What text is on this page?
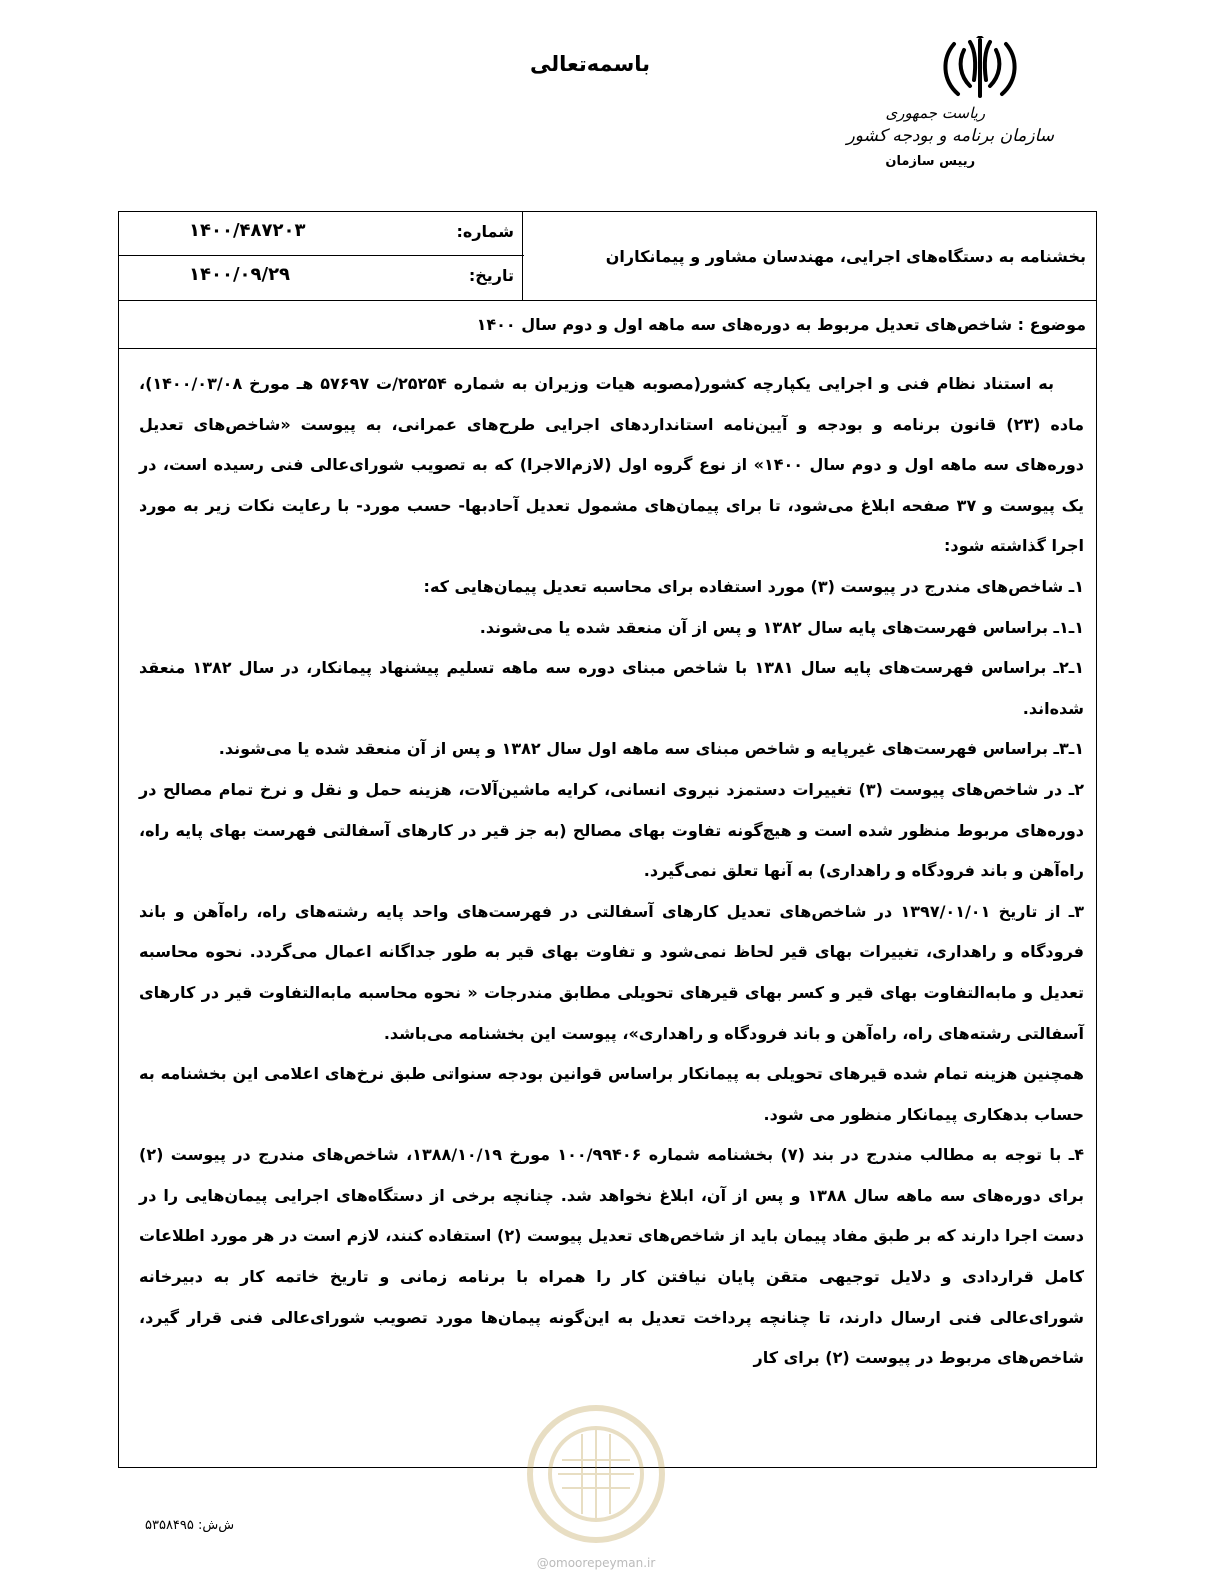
باسمه‌تعالی
ریاست جمهوری
سازمان برنامه و بودجه کشور
رییس سازمان
بخشنامه به دستگاه‌های اجرایی، مهندسان مشاور و پیمانکاران
شماره:
۱۴۰۰/۴۸۷۲۰۳
تاریخ:
۱۴۰۰/۰۹/۲۹
موضوع : شاخص‌های تعدیل مربوط به دوره‌های سه ماهه اول و دوم سال ۱۴۰۰

به استناد نظام فنی و اجرایی یکپارچه کشور(مصوبه هیات وزیران به شماره ۲۵۲۵۴/ت ۵۷۶۹۷ هـ مورخ ۱۴۰۰/۰۳/۰۸)، ماده (۲۳) قانون برنامه و بودجه و آیین‌نامه استانداردهای اجرایی طرح‌های عمرانی، به پیوست «شاخص‌های تعدیل دوره‌های سه ماهه اول و دوم سال ۱۴۰۰» از نوع گروه اول (لازم‌الاجرا) که به تصویب شورای‌عالی فنی رسیده است، در یک پیوست و ۳۷ صفحه ابلاغ می‌شود، تا برای پیمان‌های مشمول تعدیل آحادبها- حسب مورد- با رعایت نکات زیر به مورد اجرا گذاشته شود:

۱ـ شاخص‌های مندرج در پیوست (۳) مورد استفاده برای محاسبه تعدیل پیمان‌هایی که:

۱ـ۱ـ براساس فهرست‌های پایه سال ۱۳۸۲ و پس از آن منعقد شده یا می‌شوند.

۱ـ۲ـ براساس فهرست‌های پایه سال ۱۳۸۱ با شاخص مبنای دوره سه ماهه تسلیم پیشنهاد پیمانکار، در سال ۱۳۸۲ منعقد شده‌اند.

۱ـ۳ـ براساس فهرست‌های غیرپایه و شاخص مبنای سه ماهه اول سال ۱۳۸۲ و پس از آن منعقد شده یا می‌شوند.

۲ـ در شاخص‌های پیوست (۳) تغییرات دستمزد نیروی انسانی، کرایه ماشین‌آلات، هزینه حمل و نقل و نرخ تمام مصالح در دوره‌های مربوط منظور شده است و هیچ‌گونه تفاوت بهای مصالح (به جز قیر در کارهای آسفالتی فهرست بهای پایه راه، راه‌آهن و باند فرودگاه و راهداری) به آنها تعلق نمی‌گیرد.

۳ـ از تاریخ ۱۳۹۷/۰۱/۰۱ در شاخص‌های تعدیل کارهای آسفالتی در فهرست‌های واحد پایه رشته‌های راه، راه‌آهن و باند فرودگاه و راهداری، تغییرات بهای قیر لحاظ نمی‌شود و تفاوت بهای قیر به طور جداگانه اعمال می‌گردد. نحوه محاسبه تعدیل و مابه‌التفاوت بهای قیر و کسر بهای قیرهای تحویلی مطابق مندرجات « نحوه محاسبه مابه‌التفاوت قیر در کارهای آسفالتی رشته‌های راه، راه‌آهن و باند فرودگاه و راهداری»، پیوست این بخشنامه می‌باشد.

همچنین هزینه تمام شده قیرهای تحویلی به پیمانکار براساس قوانین بودجه سنواتی طبق نرخ‌های اعلامی این بخشنامه به حساب بدهکاری پیمانکار منظور می شود.

۴ـ با توجه به مطالب مندرج در بند (۷) بخشنامه شماره ۱۰۰/۹۹۴۰۶ مورخ ۱۳۸۸/۱۰/۱۹، شاخص‌های مندرج در پیوست (۲) برای دوره‌های سه ماهه سال ۱۳۸۸ و پس از آن، ابلاغ نخواهد شد. چنانچه برخی از دستگاه‌های اجرایی پیمان‌هایی را در دست اجرا دارند که بر طبق مفاد پیمان باید از شاخص‌های تعدیل پیوست (۲) استفاده کنند، لازم است در هر مورد اطلاعات کامل قراردادی و دلایل توجیهی متقن پایان نیافتن کار را همراه با برنامه زمانی و تاریخ خاتمه کار به دبیرخانه شورای‌عالی فنی ارسال دارند، تا چنانچه پرداخت تعدیل به این‌گونه پیمان‌ها مورد تصویب شورای‌عالی فنی قرار گیرد، شاخص‌های مربوط در پیوست (۲) برای کار

ش‌ش: ۵۳۵۸۴۹۵
@omoorepeyman.ir
